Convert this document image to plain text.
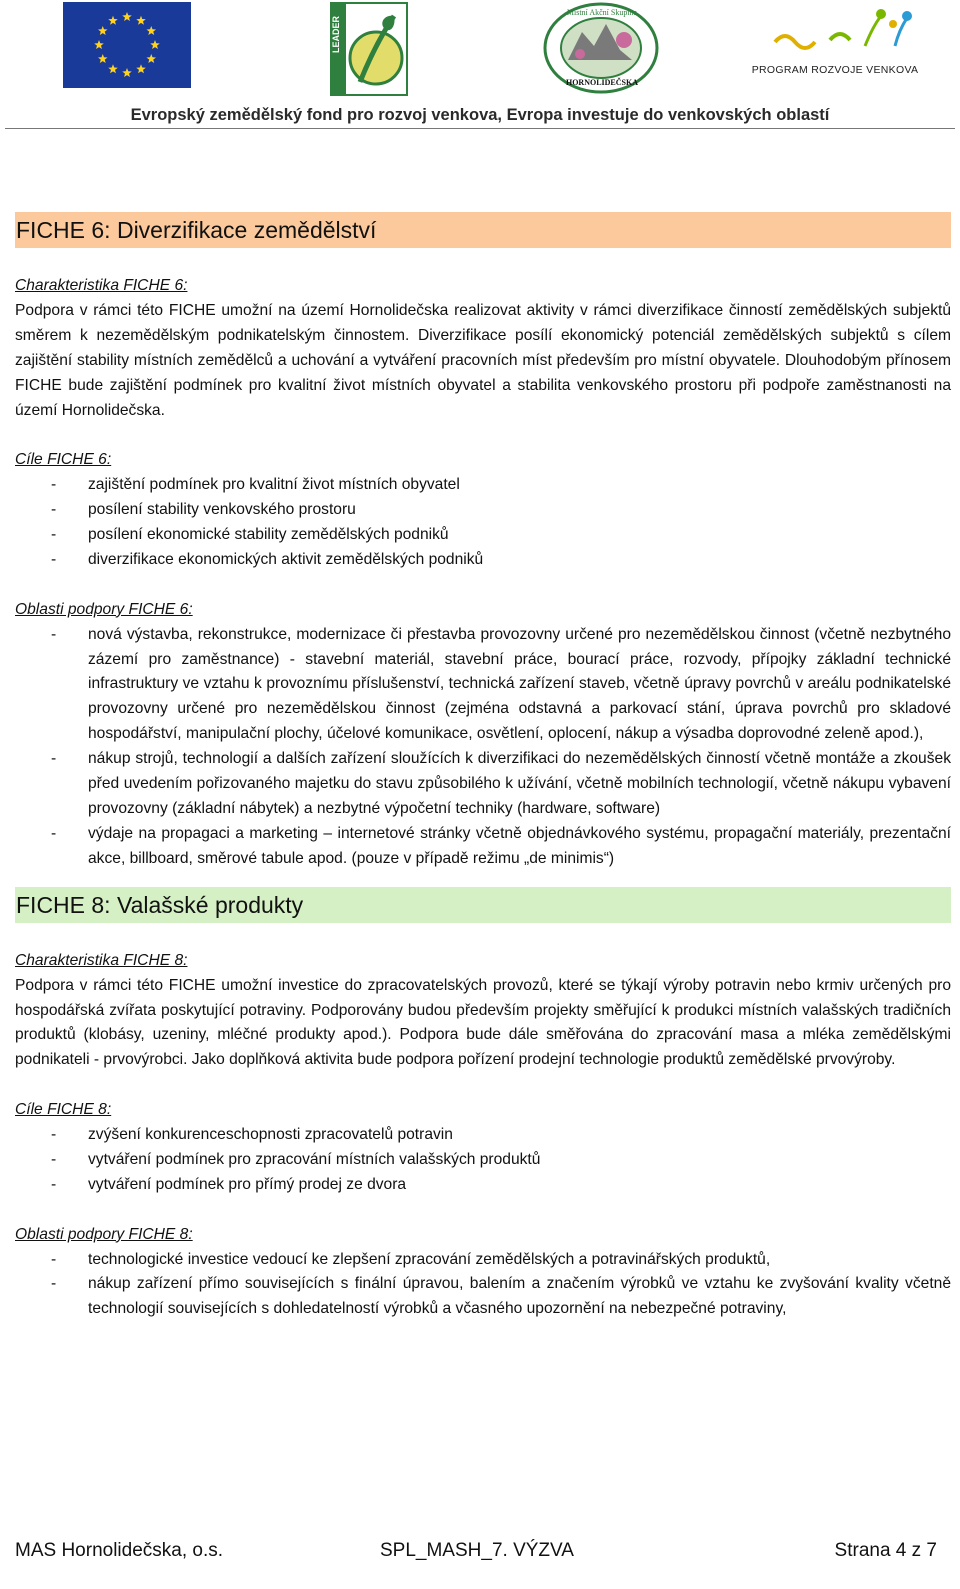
LEADER
Místní Akční Skupina
HORNOLIDEČSKA
PROGRAM ROZVOJE VENKOVA
Evropský zemědělský fond pro rozvoj venkova, Evropa investuje do venkovských oblastí
FICHE 6: Diverzifikace zemědělství

Charakteristika FICHE 6:

Podpora v rámci této FICHE umožní na území Hornolidečska realizovat aktivity v rámci diverzifikace činností zemědělských subjektů směrem k nezemědělským podnikatelským činnostem. Diverzifikace posílí ekonomický potenciál zemědělských subjektů s cílem zajištění stability místních zemědělců a uchování a vytváření pracovních míst především pro místní obyvatele. Dlouhodobým přínosem FICHE bude zajištění podmínek pro kvalitní život místních obyvatel a stabilita venkovského prostoru při podpoře zaměstnanosti na území Hornolidečska.

Cíle FICHE 6:

- zajištění podmínek pro kvalitní život místních obyvatel
- posílení stability venkovského prostoru
- posílení ekonomické stability zemědělských podniků
- diverzifikace ekonomických aktivit zemědělských podniků

Oblasti podpory FICHE 6:

- nová výstavba, rekonstrukce, modernizace či přestavba provozovny určené pro nezemědělskou činnost (včetně nezbytného zázemí pro zaměstnance) - stavební materiál, stavební práce, bourací práce, rozvody, přípojky základní technické infrastruktury ve vztahu k provoznímu příslušenství, technická zařízení staveb, včetně úpravy povrchů v areálu podnikatelské provozovny určené pro nezemědělskou činnost (zejména odstavná a parkovací stání, úprava povrchů pro skladové hospodářství, manipulační plochy, účelové komunikace, osvětlení, oplocení, nákup a výsadba doprovodné zeleně apod.),
- nákup strojů, technologií a dalších zařízení sloužících k diverzifikaci do nezemědělských činností včetně montáže a zkoušek před uvedením pořizovaného majetku do stavu způsobilého k užívání, včetně mobilních technologií, včetně nákupu vybavení provozovny (základní nábytek) a nezbytné výpočetní techniky (hardware, software)
- výdaje na propagaci a marketing – internetové stránky včetně objednávkového systému, propagační materiály, prezentační akce, billboard, směrové tabule apod. (pouze v případě režimu „de minimis“)
FICHE 8: Valašské produkty

Charakteristika FICHE 8:

Podpora v rámci této FICHE umožní investice do zpracovatelských provozů, které se týkají výroby potravin nebo krmiv určených pro hospodářská zvířata poskytující potraviny. Podporovány budou především projekty směřující k produkci místních valašských tradičních produktů (klobásy, uzeniny, mléčné produkty apod.). Podpora bude dále směřována do zpracování masa a mléka zemědělskými podnikateli - prvovýrobci. Jako doplňková aktivita bude podpora pořízení prodejní technologie produktů zemědělské prvovýroby.

Cíle FICHE 8:

- zvýšení konkurenceschopnosti zpracovatelů potravin
- vytváření podmínek pro zpracování místních valašských produktů
- vytváření podmínek pro přímý prodej ze dvora

Oblasti podpory FICHE 8:

- technologické investice vedoucí ke zlepšení zpracování zemědělských a potravinářských produktů,
- nákup zařízení přímo souvisejících s finální úpravou, balením a značením výrobků ve vztahu ke zvyšování kvality včetně technologií souvisejících s dohledatelností výrobků a včasného upozornění na nebezpečné potraviny,
MAS Hornolidečska, o.s.	SPL_MASH_7. VÝZVA	Strana 4 z 7
